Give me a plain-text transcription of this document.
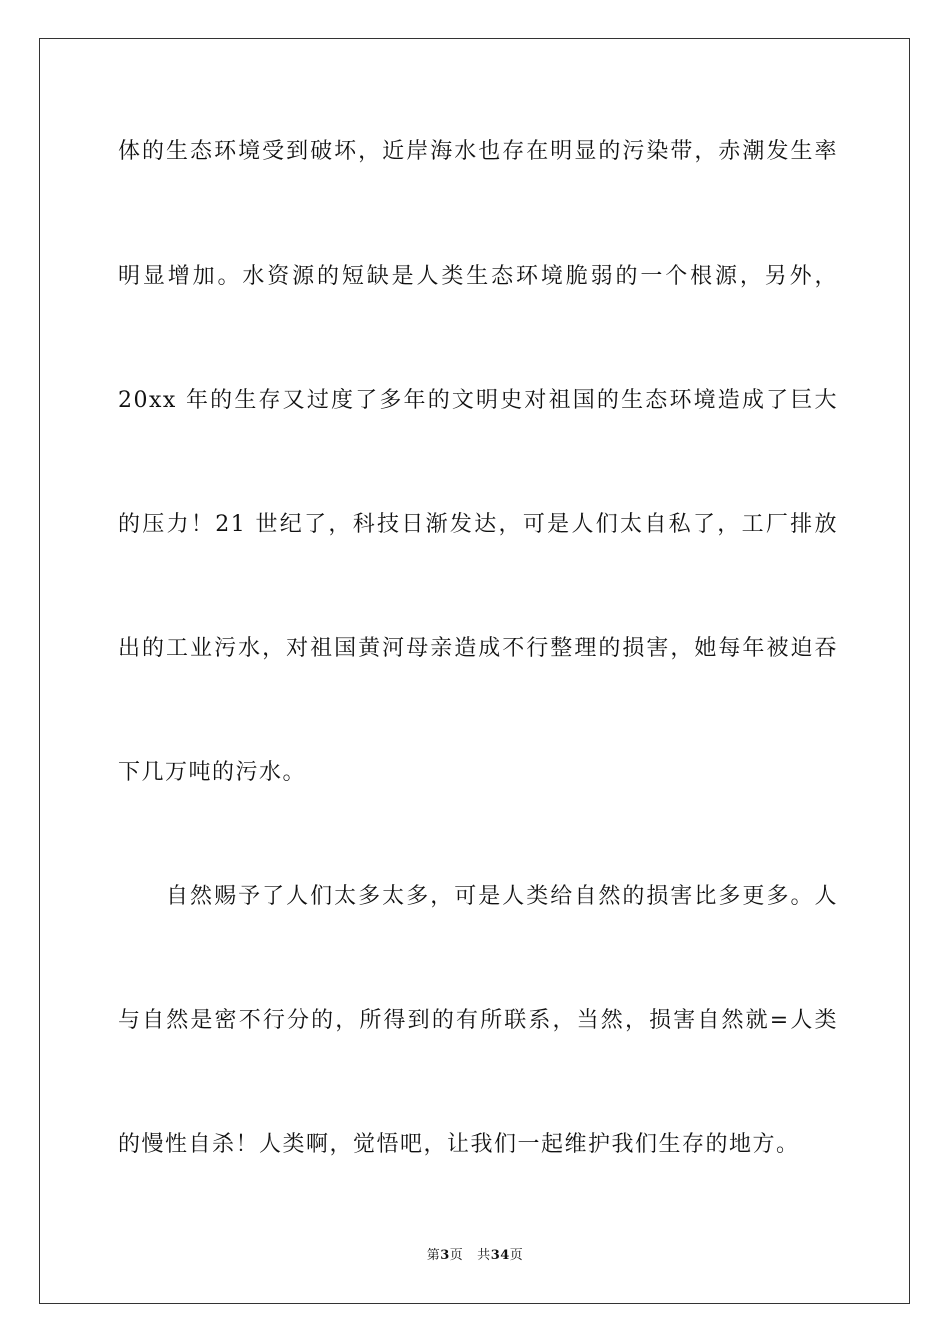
体的生态环境受到破坏，近岸海水也存在明显的污染带，赤潮发生率
明显增加。水资源的短缺是人类生态环境脆弱的一个根源，另外，
20xx 年的生存又过度了多年的文明史对祖国的生态环境造成了巨大
的压力！21 世纪了，科技日渐发达，可是人们太自私了，工厂排放
出的工业污水，对祖国黄河母亲造成不行整理的损害，她每年被迫吞
下几万吨的污水。
　　自然赐予了人们太多太多，可是人类给自然的损害比多更多。人
与自然是密不行分的，所得到的有所联系，当然，损害自然就=人类
的慢性自杀！人类啊，觉悟吧，让我们一起维护我们生存的地方。
第3页 共34页
